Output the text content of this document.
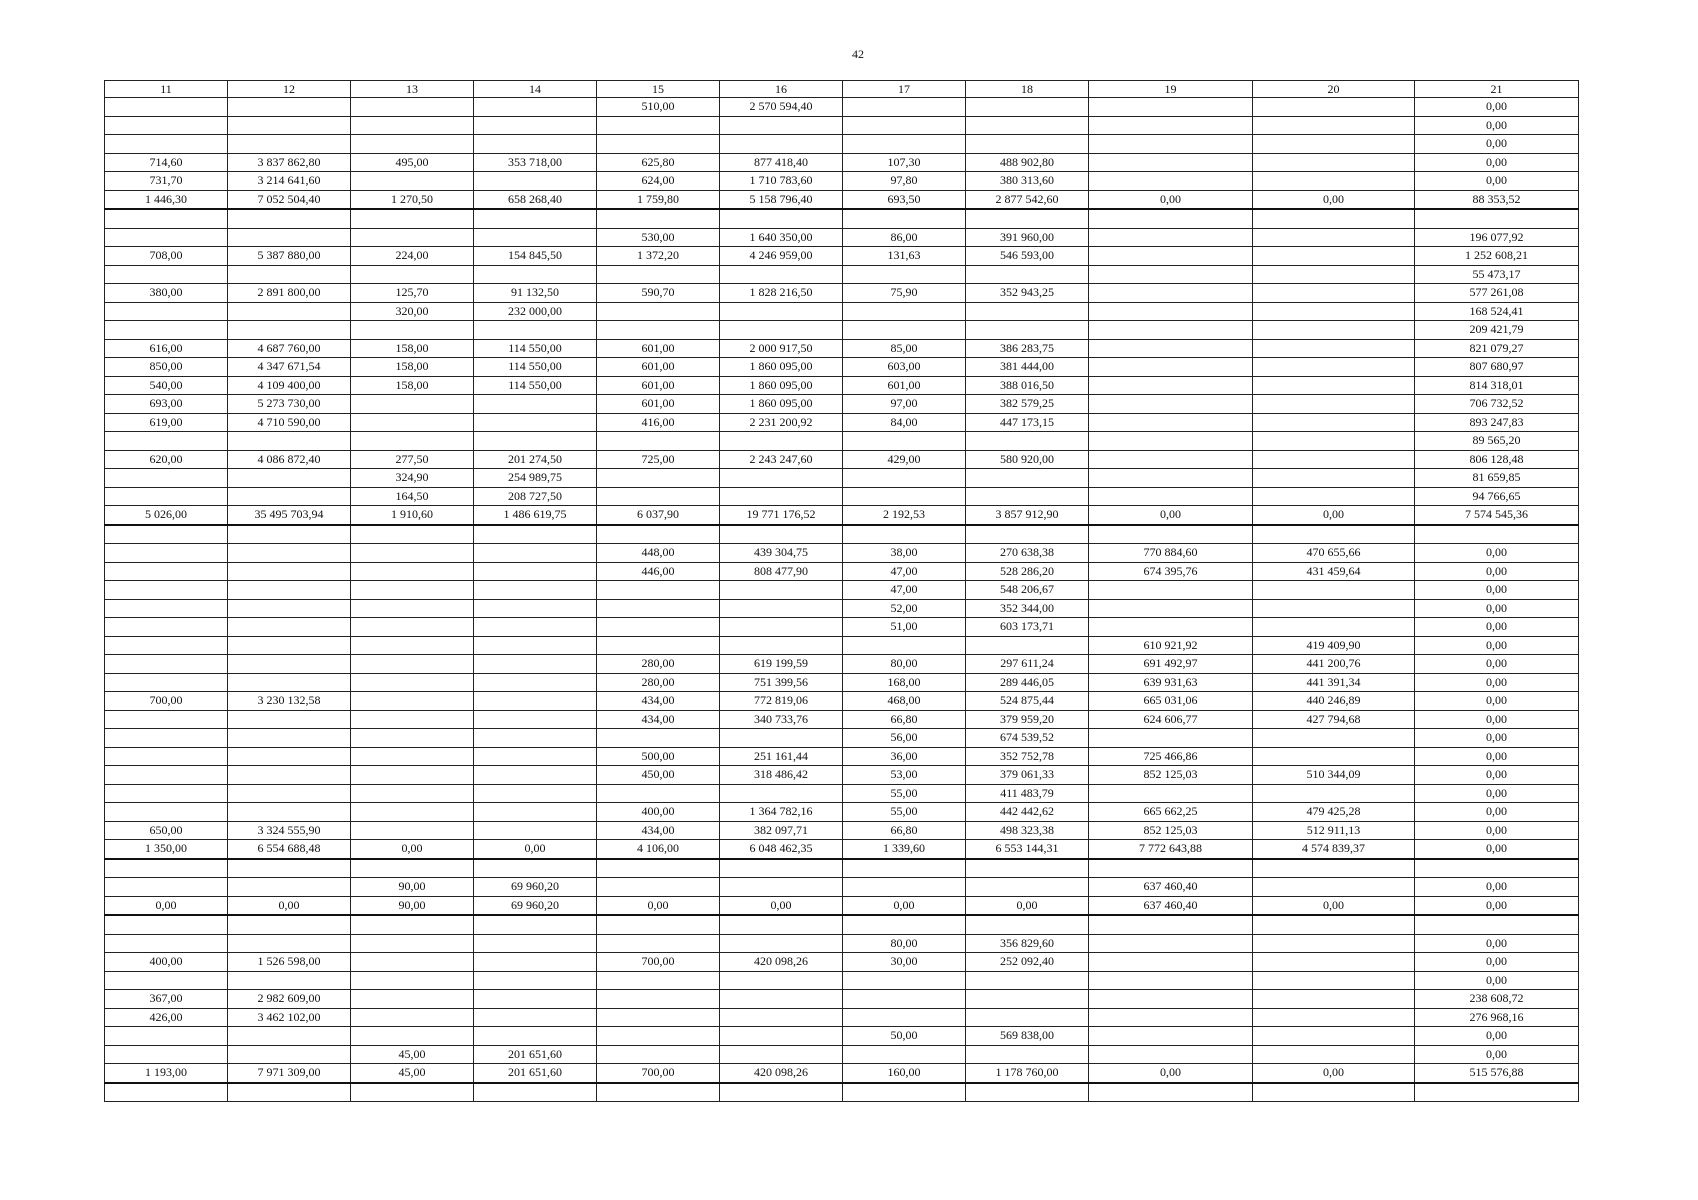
42
11	12	13	14	15	16	17	18	19	20	21
				510,00	2 570 594,40					0,00
										0,00
										0,00
714,60	3 837 862,80	495,00	353 718,00	625,80	877 418,40	107,30	488 902,80			0,00
731,70	3 214 641,60			624,00	1 710 783,60	97,80	380 313,60			0,00
1 446,30	7 052 504,40	1 270,50	658 268,40	1 759,80	5 158 796,40	693,50	2 877 542,60	0,00	0,00	88 353,52

				530,00	1 640 350,00	86,00	391 960,00			196 077,92
708,00	5 387 880,00	224,00	154 845,50	1 372,20	4 246 959,00	131,63	546 593,00			1 252 608,21
										55 473,17
380,00	2 891 800,00	125,70	91 132,50	590,70	1 828 216,50	75,90	352 943,25			577 261,08
		320,00	232 000,00							168 524,41
										209 421,79
616,00	4 687 760,00	158,00	114 550,00	601,00	2 000 917,50	85,00	386 283,75			821 079,27
850,00	4 347 671,54	158,00	114 550,00	601,00	1 860 095,00	603,00	381 444,00			807 680,97
540,00	4 109 400,00	158,00	114 550,00	601,00	1 860 095,00	601,00	388 016,50			814 318,01
693,00	5 273 730,00			601,00	1 860 095,00	97,00	382 579,25			706 732,52
619,00	4 710 590,00			416,00	2 231 200,92	84,00	447 173,15			893 247,83
										89 565,20
620,00	4 086 872,40	277,50	201 274,50	725,00	2 243 247,60	429,00	580 920,00			806 128,48
		324,90	254 989,75							81 659,85
		164,50	208 727,50							94 766,65
5 026,00	35 495 703,94	1 910,60	1 486 619,75	6 037,90	19 771 176,52	2 192,53	3 857 912,90	0,00	0,00	7 574 545,36

				448,00	439 304,75	38,00	270 638,38	770 884,60	470 655,66	0,00
				446,00	808 477,90	47,00	528 286,20	674 395,76	431 459,64	0,00
						47,00	548 206,67			0,00
						52,00	352 344,00			0,00
						51,00	603 173,71			0,00
								610 921,92	419 409,90	0,00
				280,00	619 199,59	80,00	297 611,24	691 492,97	441 200,76	0,00
				280,00	751 399,56	168,00	289 446,05	639 931,63	441 391,34	0,00
700,00	3 230 132,58			434,00	772 819,06	468,00	524 875,44	665 031,06	440 246,89	0,00
				434,00	340 733,76	66,80	379 959,20	624 606,77	427 794,68	0,00
						56,00	674 539,52			0,00
				500,00	251 161,44	36,00	352 752,78	725 466,86		0,00
				450,00	318 486,42	53,00	379 061,33	852 125,03	510 344,09	0,00
						55,00	411 483,79			0,00
				400,00	1 364 782,16	55,00	442 442,62	665 662,25	479 425,28	0,00
650,00	3 324 555,90			434,00	382 097,71	66,80	498 323,38	852 125,03	512 911,13	0,00
1 350,00	6 554 688,48	0,00	0,00	4 106,00	6 048 462,35	1 339,60	6 553 144,31	7 772 643,88	4 574 839,37	0,00

		90,00	69 960,20					637 460,40		0,00
0,00	0,00	90,00	69 960,20	0,00	0,00	0,00	0,00	637 460,40	0,00	0,00

						80,00	356 829,60			0,00
400,00	1 526 598,00			700,00	420 098,26	30,00	252 092,40			0,00
										0,00
367,00	2 982 609,00									238 608,72
426,00	3 462 102,00									276 968,16
						50,00	569 838,00			0,00
		45,00	201 651,60							0,00
1 193,00	7 971 309,00	45,00	201 651,60	700,00	420 098,26	160,00	1 178 760,00	0,00	0,00	515 576,88
